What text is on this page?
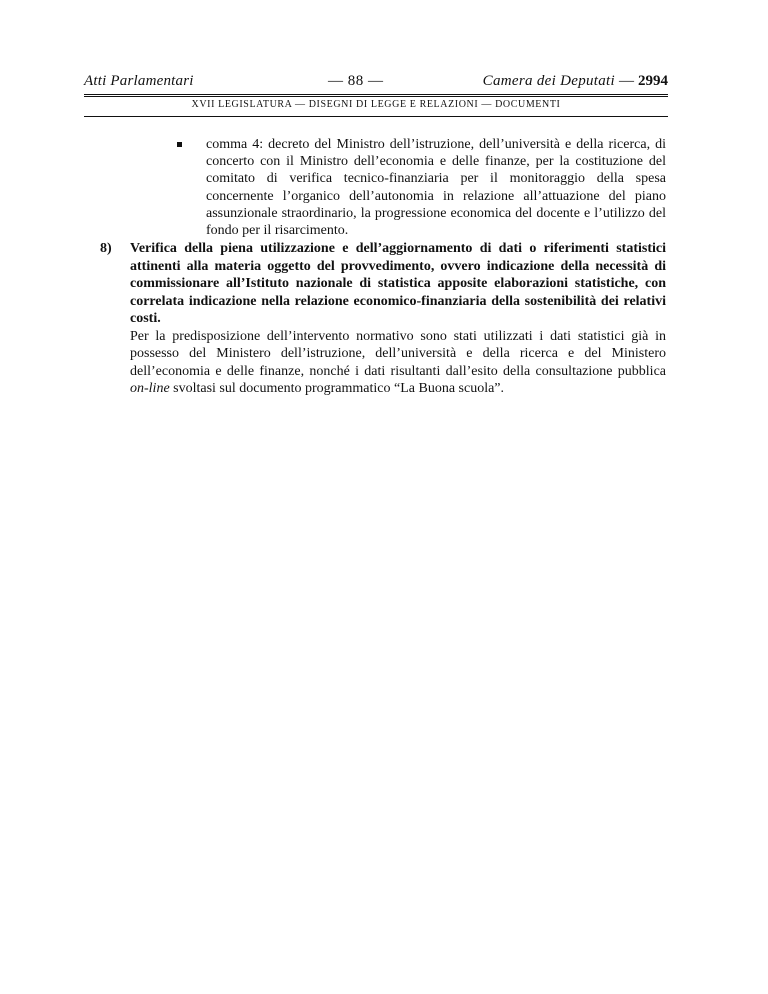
Atti Parlamentari	— 88 —	Camera dei Deputati — 2994
XVII LEGISLATURA — DISEGNI DI LEGGE E RELAZIONI — DOCUMENTI
comma 4: decreto del Ministro dell’istruzione, dell’università e della ricerca, di concerto con il Ministro dell’economia e delle finanze, per la costituzione del comitato di verifica tecnico-finanziaria per il monitoraggio della spesa concernente l’organico dell’autonomia in relazione all’attuazione del piano assunzionale straordinario, la progressione economica del docente e l’utilizzo del fondo per il risarcimento.
8) Verifica della piena utilizzazione e dell’aggiornamento di dati o riferimenti statistici attinenti alla materia oggetto del provvedimento, ovvero indicazione della necessità di commissionare all’Istituto nazionale di statistica apposite elaborazioni statistiche, con correlata indicazione nella relazione economico-finanziaria della sostenibilità dei relativi costi.

Per la predisposizione dell’intervento normativo sono stati utilizzati i dati statistici già in possesso del Ministero dell’istruzione, dell’università e della ricerca e del Ministero dell’economia e delle finanze, nonché i dati risultanti dall’esito della consultazione pubblica on-line svoltasi sul documento programmatico “La Buona scuola”.
